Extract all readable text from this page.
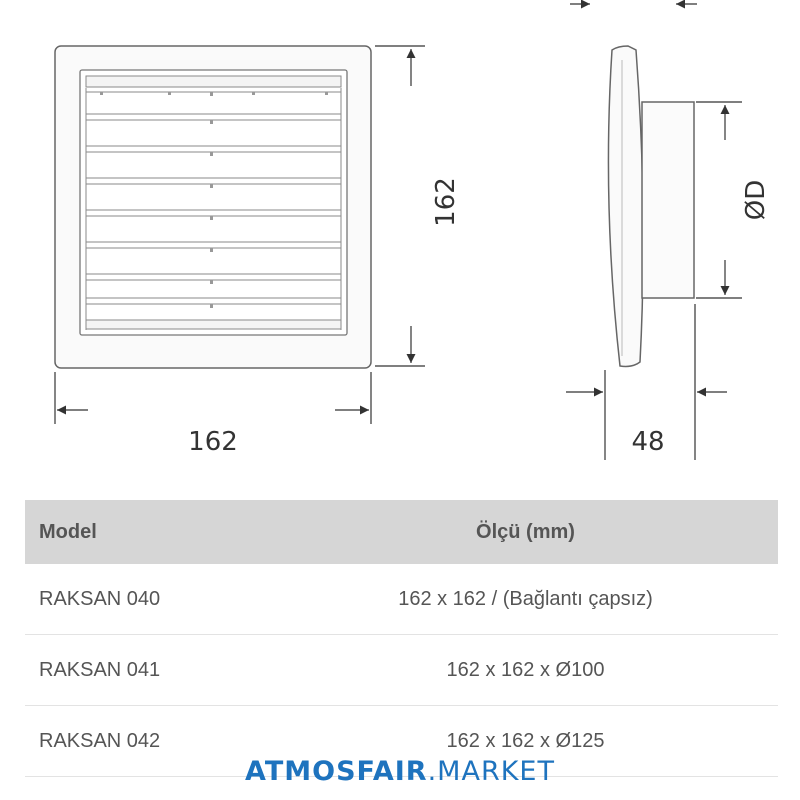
162
162	ØD
48
Model	Ölçü (mm)
RAKSAN 040	162 x 162 / (Bağlantı çapsız)
RAKSAN 041	162 x 162 x Ø100
RAKSAN 042	162 x 162 x Ø125
ATMOSFAIR.MARKET
